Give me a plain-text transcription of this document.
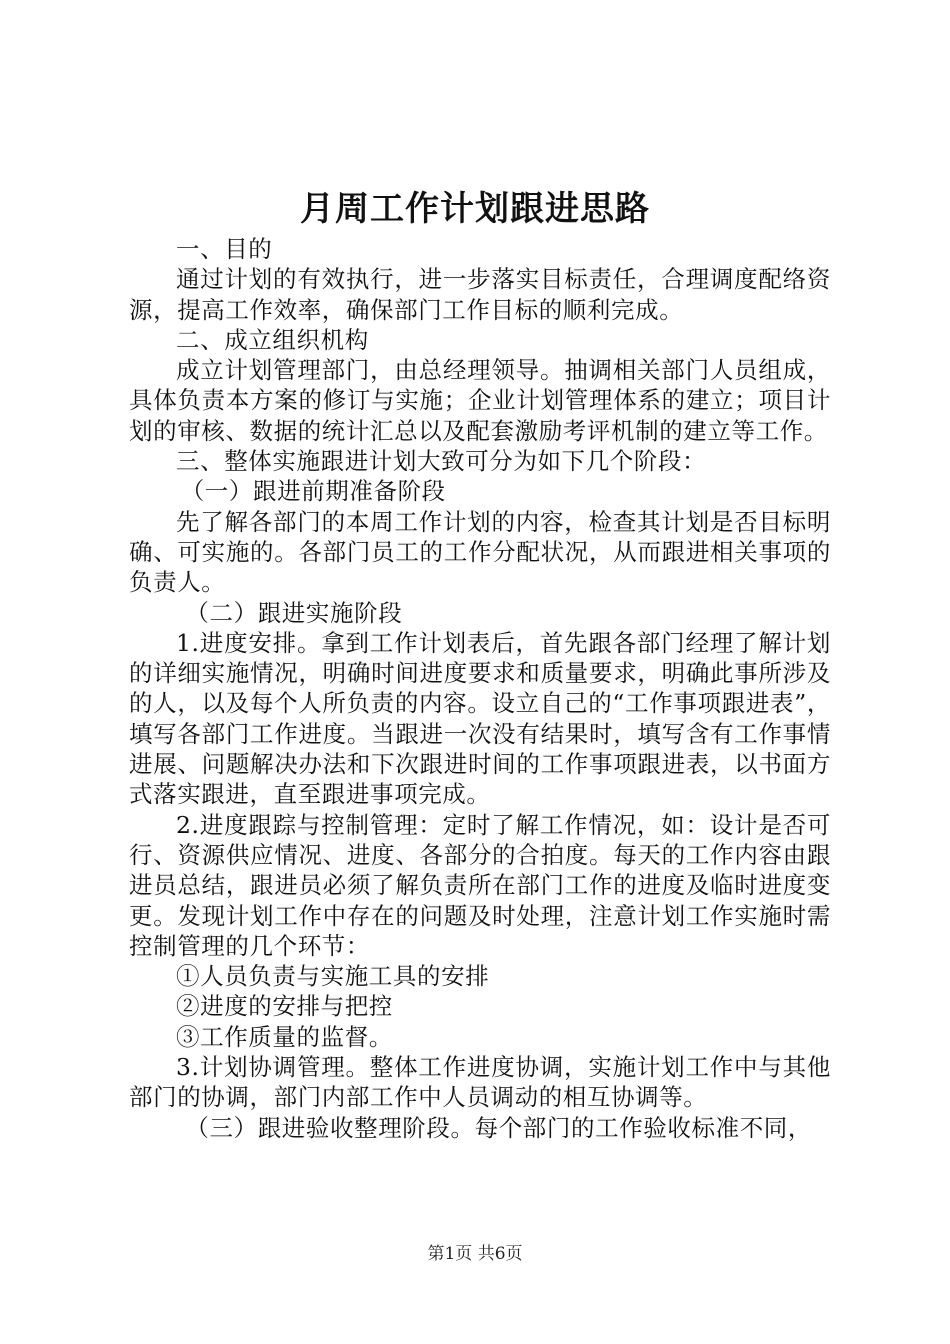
月周工作计划跟进思路

一、目的

通过计划的有效执行，进一步落实目标责任，合理调度配络资源，提高工作效率，确保部门工作目标的顺利完成。

二、成立组织机构

成立计划管理部门，由总经理领导。抽调相关部门人员组成，具体负责本方案的修订与实施；企业计划管理体系的建立；项目计划的审核、数据的统计汇总以及配套激励考评机制的建立等工作。

三、整体实施跟进计划大致可分为如下几个阶段：

（一）跟进前期准备阶段

先了解各部门的本周工作计划的内容，检查其计划是否目标明确、可实施的。各部门员工的工作分配状况，从而跟进相关事项的负责人。

（二）跟进实施阶段

1.进度安排。拿到工作计划表后，首先跟各部门经理了解计划的详细实施情况，明确时间进度要求和质量要求，明确此事所涉及的人，以及每个人所负责的内容。设立自己的“工作事项跟进表”，填写各部门工作进度。当跟进一次没有结果时，填写含有工作事情进展、问题解决办法和下次跟进时间的工作事项跟进表，以书面方式落实跟进，直至跟进事项完成。

2.进度跟踪与控制管理：定时了解工作情况，如：设计是否可行、资源供应情况、进度、各部分的合拍度。每天的工作内容由跟进员总结，跟进员必须了解负责所在部门工作的进度及临时进度变更。发现计划工作中存在的问题及时处理，注意计划工作实施时需控制管理的几个环节：

①人员负责与实施工具的安排

②进度的安排与把控

③工作质量的监督。

3.计划协调管理。整体工作进度协调，实施计划工作中与其他部门的协调，部门内部工作中人员调动的相互协调等。

（三）跟进验收整理阶段。每个部门的工作验收标准不同，

第1页 共6页
